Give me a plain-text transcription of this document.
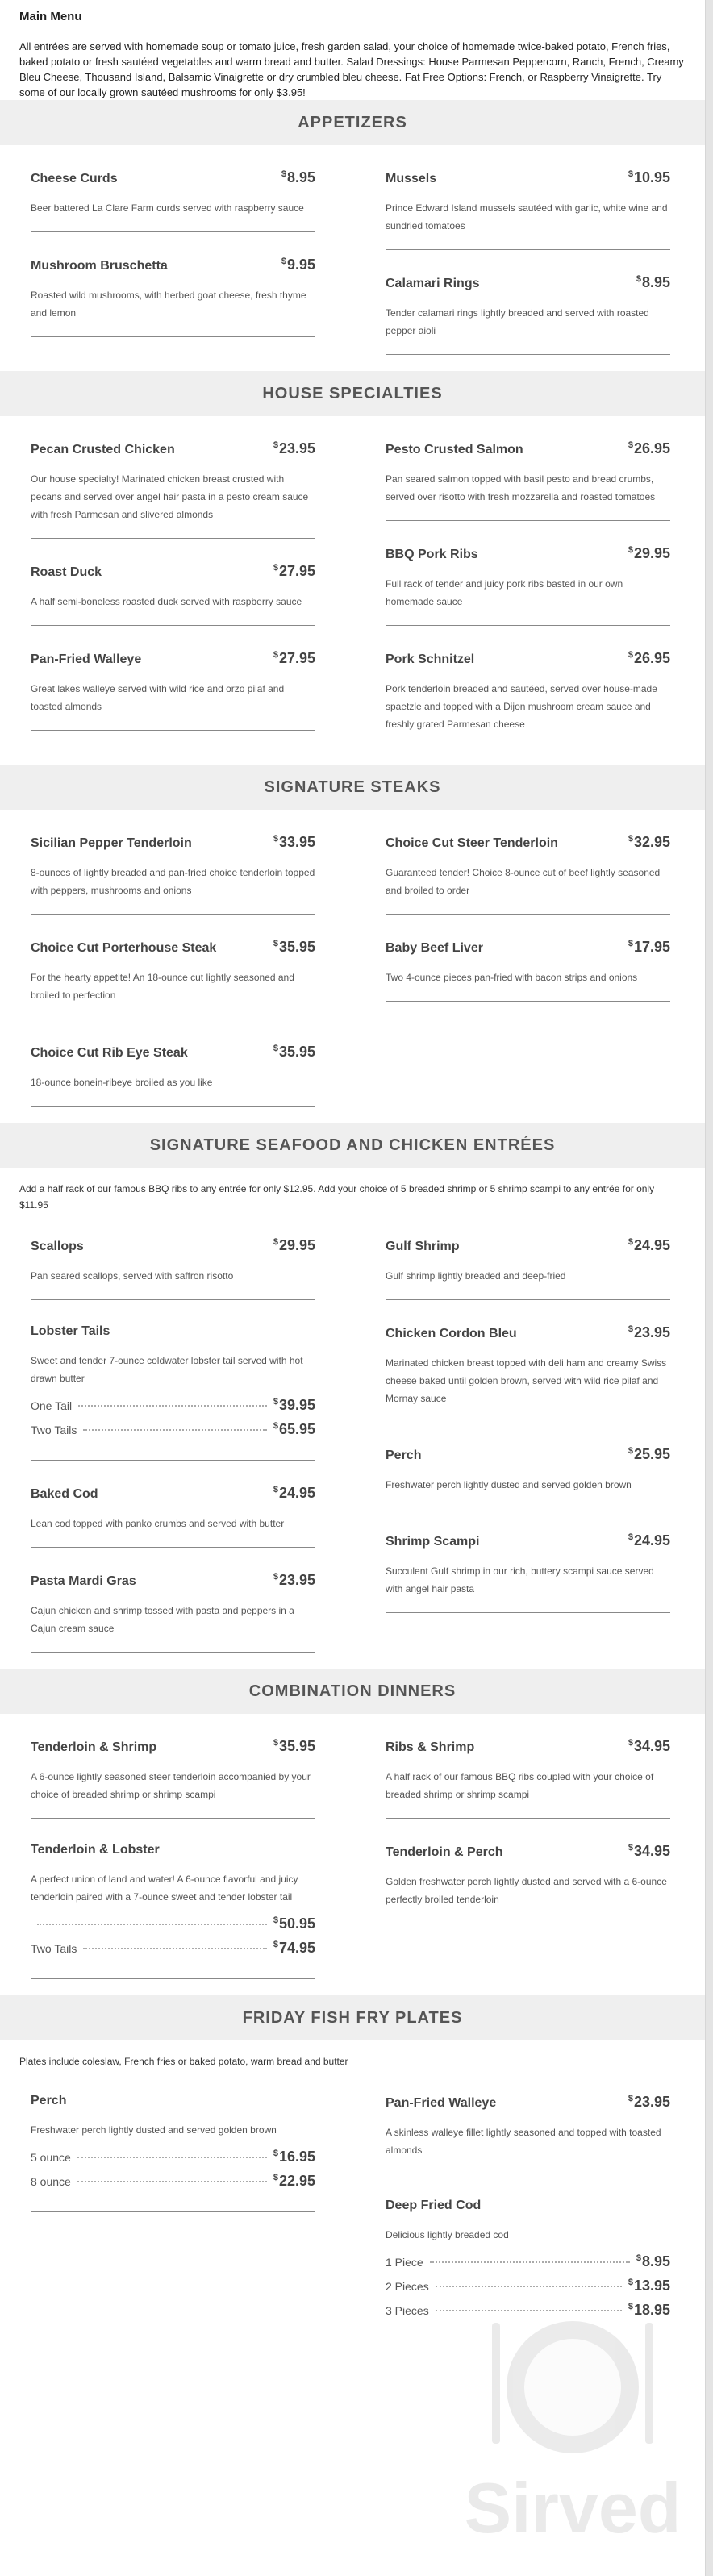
Main Menu

All entrées are served with homemade soup or tomato juice, fresh garden salad, your choice of homemade twice-baked potato, French fries, baked potato or fresh sautéed vegetables and warm bread and butter. Salad Dressings: House Parmesan Peppercorn, Ranch, French, Creamy Bleu Cheese, Thousand Island, Balsamic Vinaigrette or dry crumbled bleu cheese. Fat Free Options: French, or Raspberry Vinaigrette. Try some of our locally grown sautéed mushrooms for only $3.95!

APPETIZERS
Cheese Curds	$8.95
Beer battered La Clare Farm curds served with raspberry sauce
Mushroom Bruschetta	$9.95
Roasted wild mushrooms, with herbed goat cheese, fresh thyme and lemon
Mussels	$10.95
Prince Edward Island mussels sautéed with garlic, white wine and sundried tomatoes
Calamari Rings	$8.95
Tender calamari rings lightly breaded and served with roasted pepper aioli
HOUSE SPECIALTIES
Pecan Crusted Chicken	$23.95
Our house specialty! Marinated chicken breast crusted with pecans and served over angel hair pasta in a pesto cream sauce with fresh Parmesan and slivered almonds
Roast Duck	$27.95
A half semi-boneless roasted duck served with raspberry sauce
Pan-Fried Walleye	$27.95
Great lakes walleye served with wild rice and orzo pilaf and toasted almonds
Pesto Crusted Salmon	$26.95
Pan seared salmon topped with basil pesto and bread crumbs, served over risotto with fresh mozzarella and roasted tomatoes
BBQ Pork Ribs	$29.95
Full rack of tender and juicy pork ribs basted in our own homemade sauce
Pork Schnitzel	$26.95
Pork tenderloin breaded and sautéed, served over house-made spaetzle and topped with a Dijon mushroom cream sauce and freshly grated Parmesan cheese
SIGNATURE STEAKS
Sicilian Pepper Tenderloin	$33.95
8-ounces of lightly breaded and pan-fried choice tenderloin topped with peppers, mushrooms and onions
Choice Cut Porterhouse Steak	$35.95
For the hearty appetite! An 18-ounce cut lightly seasoned and broiled to perfection
Choice Cut Rib Eye Steak	$35.95
18-ounce bonein-ribeye broiled as you like
Choice Cut Steer Tenderloin	$32.95
Guaranteed tender! Choice 8-ounce cut of beef lightly seasoned and broiled to order
Baby Beef Liver	$17.95
Two 4-ounce pieces pan-fried with bacon strips and onions
SIGNATURE SEAFOOD AND CHICKEN ENTRÉES
Add a half rack of our famous BBQ ribs to any entrée for only $12.95. Add your choice of 5 breaded shrimp or 5 shrimp scampi to any entrée for only $11.95
Scallops	$29.95
Pan seared scallops, served with saffron risotto
Lobster Tails
Sweet and tender 7-ounce coldwater lobster tail served with hot drawn butter
One Tail	$39.95
Two Tails	$65.95
Baked Cod	$24.95
Lean cod topped with panko crumbs and served with butter
Pasta Mardi Gras	$23.95
Cajun chicken and shrimp tossed with pasta and peppers in a Cajun cream sauce
Gulf Shrimp	$24.95
Gulf shrimp lightly breaded and deep-fried
Chicken Cordon Bleu	$23.95
Marinated chicken breast topped with deli ham and creamy Swiss cheese baked until golden brown, served with wild rice pilaf and Mornay sauce
Perch	$25.95
Freshwater perch lightly dusted and served golden brown
Shrimp Scampi	$24.95
Succulent Gulf shrimp in our rich, buttery scampi sauce served with angel hair pasta
COMBINATION DINNERS
Tenderloin & Shrimp	$35.95
A 6-ounce lightly seasoned steer tenderloin accompanied by your choice of breaded shrimp or shrimp scampi
Tenderloin & Lobster
A perfect union of land and water! A 6-ounce flavorful and juicy tenderloin paired with a 7-ounce sweet and tender lobster tail
$50.95
Two Tails	$74.95
Ribs & Shrimp	$34.95
A half rack of our famous BBQ ribs coupled with your choice of breaded shrimp or shrimp scampi
Tenderloin & Perch	$34.95
Golden freshwater perch lightly dusted and served with a 6-ounce perfectly broiled tenderloin
FRIDAY FISH FRY PLATES
Plates include coleslaw, French fries or baked potato, warm bread and butter
Perch
Freshwater perch lightly dusted and served golden brown
5 ounce	$16.95
8 ounce	$22.95
Pan-Fried Walleye	$23.95
A skinless walleye fillet lightly seasoned and topped with toasted almonds
Deep Fried Cod
Delicious lightly breaded cod
1 Piece	$8.95
2 Pieces	$13.95
3 Pieces	$18.95
Sirved
